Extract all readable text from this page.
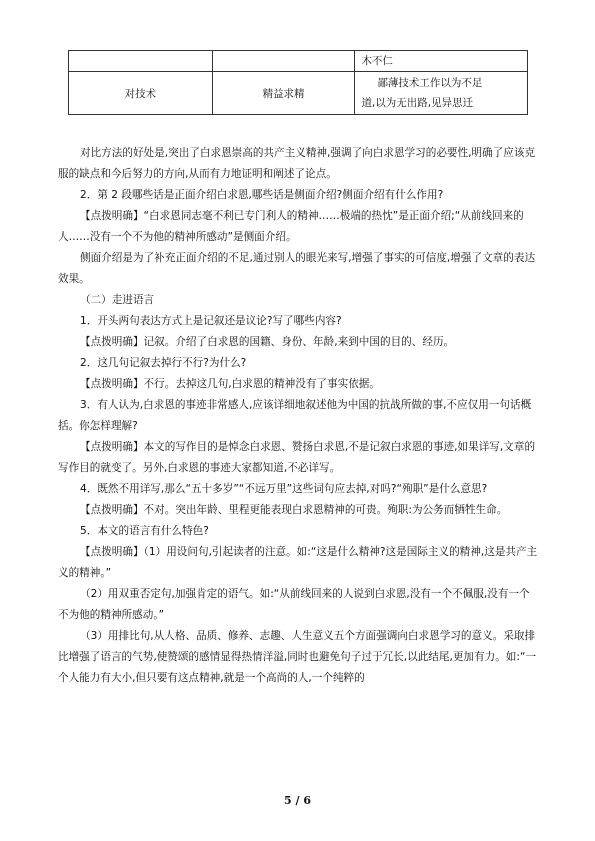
		木不仁
对技术	精益求精	鄙薄技术工作以为不足
道,以为无出路,见异思迁

对比方法的好处是,突出了白求恩崇高的共产主义精神,强调了向白求恩学习的必要性,明确了应该克服的缺点和今后努力的方向,从而有力地证明和阐述了论点。

2．第 2 段哪些话是正面介绍白求恩,哪些话是侧面介绍?侧面介绍有什么作用?

【点拨明确】“白求恩同志毫不利已专门利人的精神……极端的热忱”是正面介绍;“从前线回来的人……没有一个不为他的精神所感动”是侧面介绍。

侧面介绍是为了补充正面介绍的不足,通过别人的眼光来写,增强了事实的可信度,增强了文章的表达效果。

（二）走进语言

1．开头两句表达方式上是记叙还是议论?写了哪些内容?

【点拨明确】记叙。介绍了白求恩的国籍、身份、年龄,来到中国的目的、经历。

2．这几句记叙去掉行不行?为什么?

【点拨明确】不行。去掉这几句,白求恩的精神没有了事实依据。

3．有人认为,白求恩的事迹非常感人,应该详细地叙述他为中国的抗战所做的事,不应仅用一句话概括。你怎样理解?

【点拨明确】本文的写作目的是悼念白求恩、赞扬白求恩,不是记叙白求恩的事迹,如果详写,文章的写作目的就变了。另外,白求恩的事迹大家都知道,不必详写。

4．既然不用详写,那么“五十多岁”“不远万里”这些词句应去掉,对吗?“殉职”是什么意思?

【点拨明确】不对。突出年龄、里程更能表现白求恩精神的可贵。殉职:为公务而牺牲生命。

5．本文的语言有什么特色?

【点拨明确】（1）用设问句,引起读者的注意。如:“这是什么精神?这是国际主义的精神,这是共产主义的精神。”

（2）用双重否定句,加强肯定的语气。如:“从前线回来的人说到白求恩,没有一个不佩服,没有一个不为他的精神所感动。”

（3）用排比句,从人格、品质、修养、志趣、人生意义五个方面强调向白求恩学习的意义。采取排比增强了语言的气势,使赞颂的感情显得热情洋溢,同时也避免句子过于冗长,以此结尾,更加有力。如:“一个人能力有大小,但只要有这点精神,就是一个高尚的人,一个纯粹的

5 / 6
